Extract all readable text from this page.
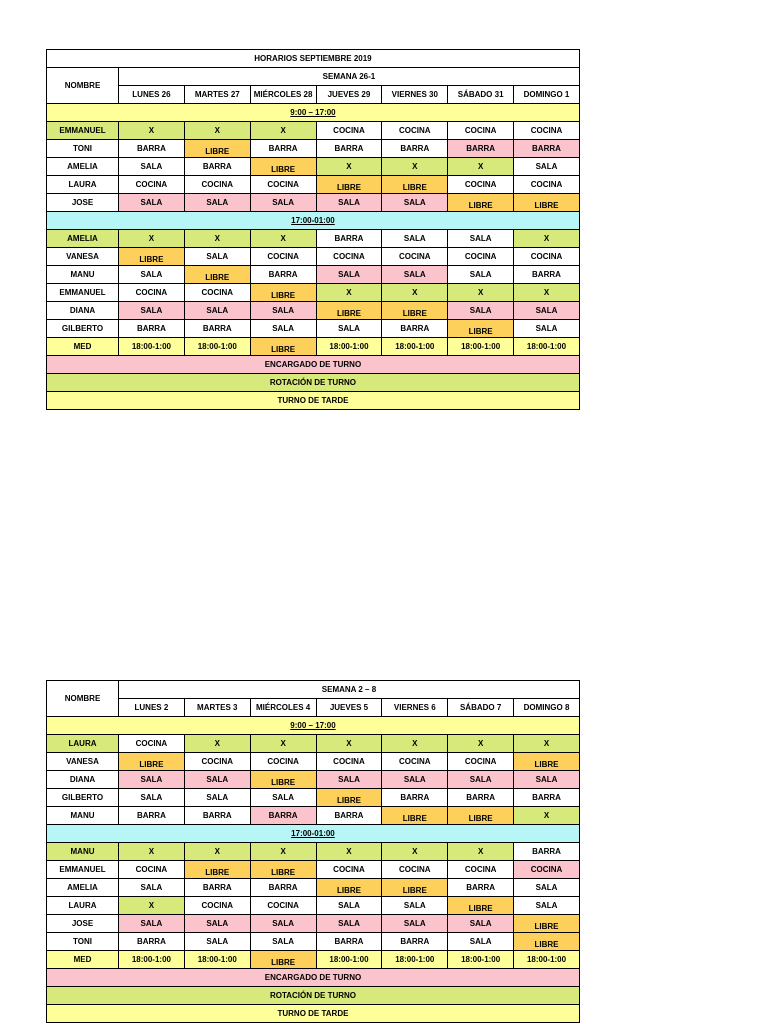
HORARIOS SEPTIEMBRE 2019							
NOMBRE	SEMANA 26-1						
	LUNES 26	MARTES 27	MIÉRCOLES 28	JUEVES 29	VIERNES 30	SÁBADO 31	DOMINGO 1
9:00 – 17:00							
EMMANUEL	X	X	X	COCINA	COCINA	COCINA	COCINA
TONI	BARRA	LIBRE	BARRA	BARRA	BARRA	BARRA	BARRA
AMELIA	SALA	BARRA	LIBRE	X	X	X	SALA
LAURA	COCINA	COCINA	COCINA	LIBRE	LIBRE	COCINA	COCINA
JOSE	SALA	SALA	SALA	SALA	SALA	LIBRE	LIBRE
17:00-01:00							
AMELIA	X	X	X	BARRA	SALA	SALA	X
VANESA	LIBRE	SALA	COCINA	COCINA	COCINA	COCINA	COCINA
MANU	SALA	LIBRE	BARRA	SALA	SALA	SALA	BARRA
EMMANUEL	COCINA	COCINA	LIBRE	X	X	X	X
DIANA	SALA	SALA	SALA	LIBRE	LIBRE	SALA	SALA
GILBERTO	BARRA	BARRA	SALA	SALA	BARRA	LIBRE	SALA
MED	18:00-1:00	18:00-1:00	LIBRE	18:00-1:00	18:00-1:00	18:00-1:00	18:00-1:00
ENCARGADO DE TURNO							
ROTACIÓN DE TURNO							
TURNO DE TARDE							
NOMBRE	SEMANA 2 – 8						
	LUNES 2	MARTES 3	MIÉRCOLES 4	JUEVES 5	VIERNES 6	SÁBADO 7	DOMINGO 8
9:00 – 17:00							
LAURA	COCINA	X	X	X	X	X	X
VANESA	LIBRE	COCINA	COCINA	COCINA	COCINA	COCINA	LIBRE
DIANA	SALA	SALA	LIBRE	SALA	SALA	SALA	SALA
GILBERTO	SALA	SALA	SALA	LIBRE	BARRA	BARRA	BARRA
MANU	BARRA	BARRA	BARRA	BARRA	LIBRE	LIBRE	X
17:00-01:00							
MANU	X	X	X	X	X	X	BARRA
EMMANUEL	COCINA	LIBRE	LIBRE	COCINA	COCINA	COCINA	COCINA
AMELIA	SALA	BARRA	BARRA	LIBRE	LIBRE	BARRA	SALA
LAURA	X	COCINA	COCINA	SALA	SALA	LIBRE	SALA
JOSE	SALA	SALA	SALA	SALA	SALA	SALA	LIBRE
TONI	BARRA	SALA	SALA	BARRA	BARRA	SALA	LIBRE
MED	18:00-1:00	18:00-1:00	LIBRE	18:00-1:00	18:00-1:00	18:00-1:00	18:00-1:00
ENCARGADO DE TURNO							
ROTACIÓN DE TURNO							
TURNO DE TARDE							
